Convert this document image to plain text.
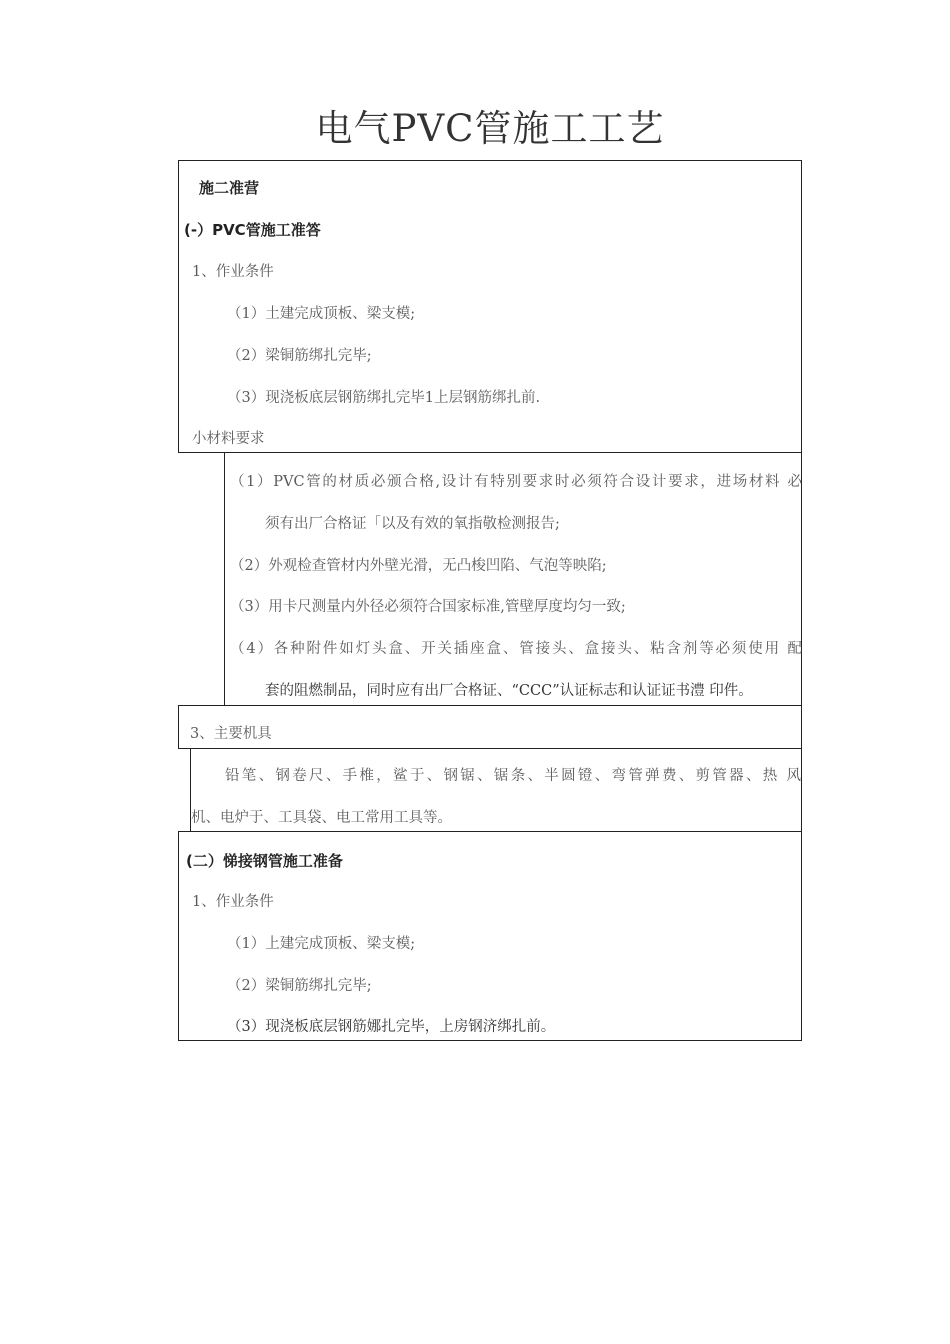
电气PVC管施工工艺
施二准营
(-）PVC管施工准答
1、作业条件
（1）土建完成顶板、梁支模;
（2）梁铜筋绑扎完毕;
（3）现浇板底层钢筋绑扎完毕1上层钢筋绑扎前.
小材料要求
（1）PVC管的材质必颁合格,设计有特别要求时必须符合设计要求，进场材料 必
须有出厂合格证「以及有效的氧指敬检测报告;
（2）外观检查管材内外壁光滑，无凸梭凹陷、气泡等映陷;
（3）用卡尺测量内外径必须符合国家标准,管壁厚度均匀一致;
（4）各种附件如灯头盒、开关插座盒、管接头、盒接头、粘含剂等必须使用 配
套的阻燃制品，同时应有出厂合格证、“CCC”认证标志和认证证书澧 印件。
3、主要机具
铅笔、钢卷尺、手椎，鲨于、钢锯、锯条、半圆镫、弯管弹费、剪管器、热 风
机、电炉于、工具袋、电工常用工具等。
(二）悌接钢管施工准备
1、作业条件
（1）上建完成顶板、梁支模;
（2）梁铜筋绑扎完毕;
（3）现浇板底层钢筋娜扎完毕，上房钢济绑扎前。
